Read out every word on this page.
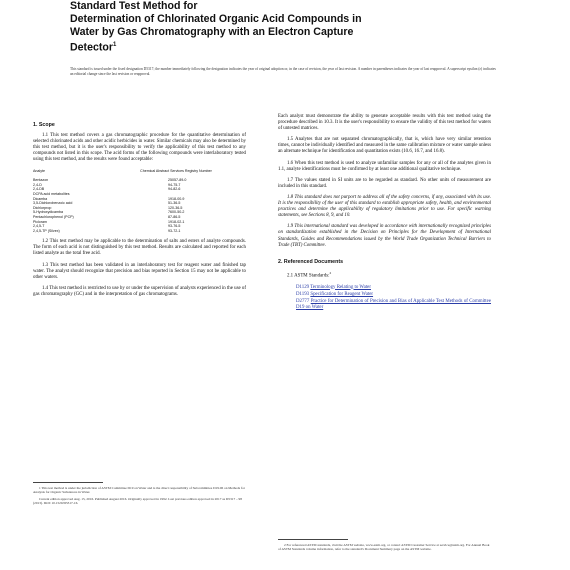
Standard Test Method for
Determination of Chlorinated Organic Acid Compounds in
Water by Gas Chromatography with an Electron Capture
Detector$^1$
This standard is issued under the fixed designation D5317; the number immediately following the designation indicates the year of original adoption or, in the case of revision, the year of last revision. A number in parentheses indicates the year of last reapproval. A superscript epsilon (ε) indicates an editorial change since the last revision or reapproval.
1. Scope

1.1 This test method covers a gas chromatographic procedure for the quantitative determination of selected chlorinated acids and other acidic herbicides in water. Similar chemicals may also be determined by this test method, but it is the user's responsibility to verify the applicability of this test method to any compounds not listed in this scope. The acid forms of the following compounds were interlaboratory tested using this test method, and the results were found acceptable:

Analyte	Chemical Abstract Services Registry Number

Bentazon	25057-89-0
2,4-D	94-75-7
2,4-DB	94-82-6
DCPA acid metabolites	
Dicamba	1918-00-9
3,5-Dichlorobenzoic acid	51-36-5
Dichlorprop	120-36-5
5-Hydroxydicamba	7600-50-2
Pentachlorophenol (PCP)	87-86-5
Picloram	1918-02-1
2,4,5-T	93-76-5
2,4,5-TP (Silvex)	93-72-1

1.2 This test method may be applicable to the determination of salts and esters of analyte compounds. The form of each acid is not distinguished by this test method. Results are calculated and reported for each listed analyte as the total free acid.

1.3 This test method has been validated in an interlaboratory test for reagent water and finished tap water. The analyst should recognize that precision and bias reported in Section 15 may not be applicable to other waters.

1.4 This test method is restricted to use by or under the supervision of analysts experienced in the use of gas chromatography (GC) and in the interpretation of gas chromatograms.

1 This test method is under the jurisdiction of ASTM Committee D19 on Water and is the direct responsibility of Subcommittee D19.06 on Methods for Analysis for Organic Substances in Water.
Current edition approved Aug. 15, 2016. Published August 2016. Originally approved in 1992. Last previous edition approved in 2017 as D5317 – 98 (2013). DOI: 10.1520/D5317-16.

Each analyst must demonstrate the ability to generate acceptable results with this test method using the procedure described in 10.3. It is the user's responsibility to ensure the validity of this test method for waters of untested matrices.

1.5 Analytes that are not separated chromatographically, that is, which have very similar retention times, cannot be individually identified and measured in the same calibration mixture or water sample unless an alternate technique for identification and quantitation exists (10.6, 16.7, and 16.8).

1.6 When this test method is used to analyze unfamiliar samples for any or all of the analytes given in 1.1, analyte identifications must be confirmed by at least one additional qualitative technique.

1.7 The values stated in SI units are to be regarded as standard. No other units of measurement are included in this standard.

1.8 This standard does not purport to address all of the safety concerns, if any, associated with its use. It is the responsibility of the user of this standard to establish appropriate safety, health, and environmental practices and determine the applicability of regulatory limitations prior to use. For specific warning statements, see Sections 8, 9, and 10.

1.9 This international standard was developed in accordance with internationally recognized principles on standardization established in the Decision on Principles for the Development of International Standards, Guides and Recommendations issued by the World Trade Organization Technical Barriers to Trade (TBT) Committee.

2. Referenced Documents

2.1 ASTM Standards:$^2$

D1129 Terminology Relating to Water
D1193 Specification for Reagent Water
D2777 Practice for Determination of Precision and Bias of Applicable Test Methods of Committee D19 on Water
2 For referenced ASTM standards, visit the ASTM website, www.astm.org, or contact ASTM Customer Service at service@astm.org. For Annual Book of ASTM Standards volume information, refer to the standard's Document Summary page on the ASTM website.
